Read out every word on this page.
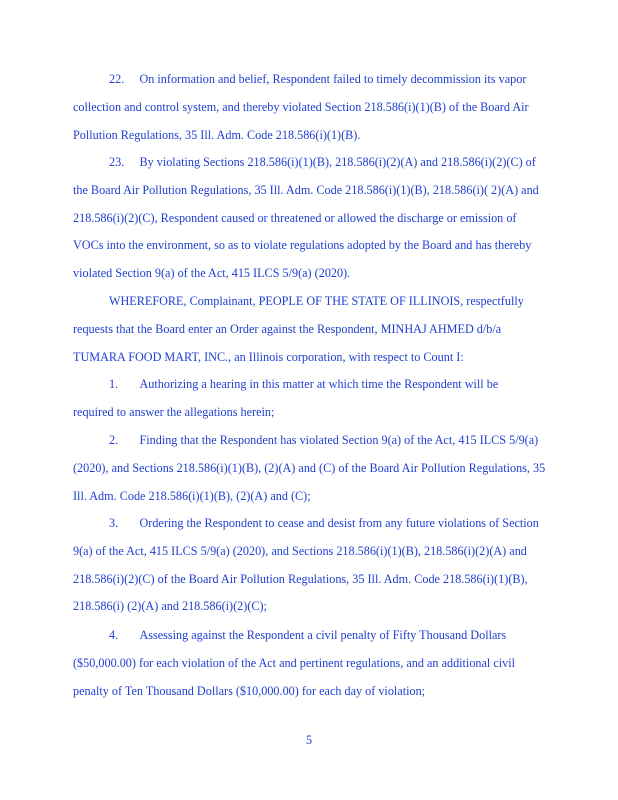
22.     On information and belief, Respondent failed to timely decommission its vapor
collection and control system, and thereby violated Section 218.586(i)(1)(B) of the Board Air
Pollution Regulations, 35 Ill. Adm. Code 218.586(i)(1)(B).
23.     By violating Sections 218.586(i)(1)(B), 218.586(i)(2)(A) and 218.586(i)(2)(C) of
the Board Air Pollution Regulations, 35 Ill. Adm. Code 218.586(i)(1)(B), 218.586(i)( 2)(A) and
218.586(i)(2)(C), Respondent caused or threatened or allowed the discharge or emission of
VOCs into the environment, so as to violate regulations adopted by the Board and has thereby
violated Section 9(a) of the Act, 415 ILCS 5/9(a) (2020).
WHEREFORE, Complainant, PEOPLE OF THE STATE OF ILLINOIS, respectfully
requests that the Board enter an Order against the Respondent, MINHAJ AHMED d/b/a
TUMARA FOOD MART, INC., an Illinois corporation, with respect to Count I:
1.       Authorizing a hearing in this matter at which time the Respondent will be
required to answer the allegations herein;
2.       Finding that the Respondent has violated Section 9(a) of the Act, 415 ILCS 5/9(a)
(2020), and Sections 218.586(i)(1)(B), (2)(A) and (C) of the Board Air Pollution Regulations, 35
Ill. Adm. Code 218.586(i)(1)(B), (2)(A) and (C);
3.       Ordering the Respondent to cease and desist from any future violations of Section
9(a) of the Act, 415 ILCS 5/9(a) (2020), and Sections 218.586(i)(1)(B), 218.586(i)(2)(A) and
218.586(i)(2)(C) of the Board Air Pollution Regulations, 35 Ill. Adm. Code 218.586(i)(1)(B),
218.586(i) (2)(A) and 218.586(i)(2)(C);
4.       Assessing against the Respondent a civil penalty of Fifty Thousand Dollars
($50,000.00) for each violation of the Act and pertinent regulations, and an additional civil
penalty of Ten Thousand Dollars ($10,000.00) for each day of violation;
5
